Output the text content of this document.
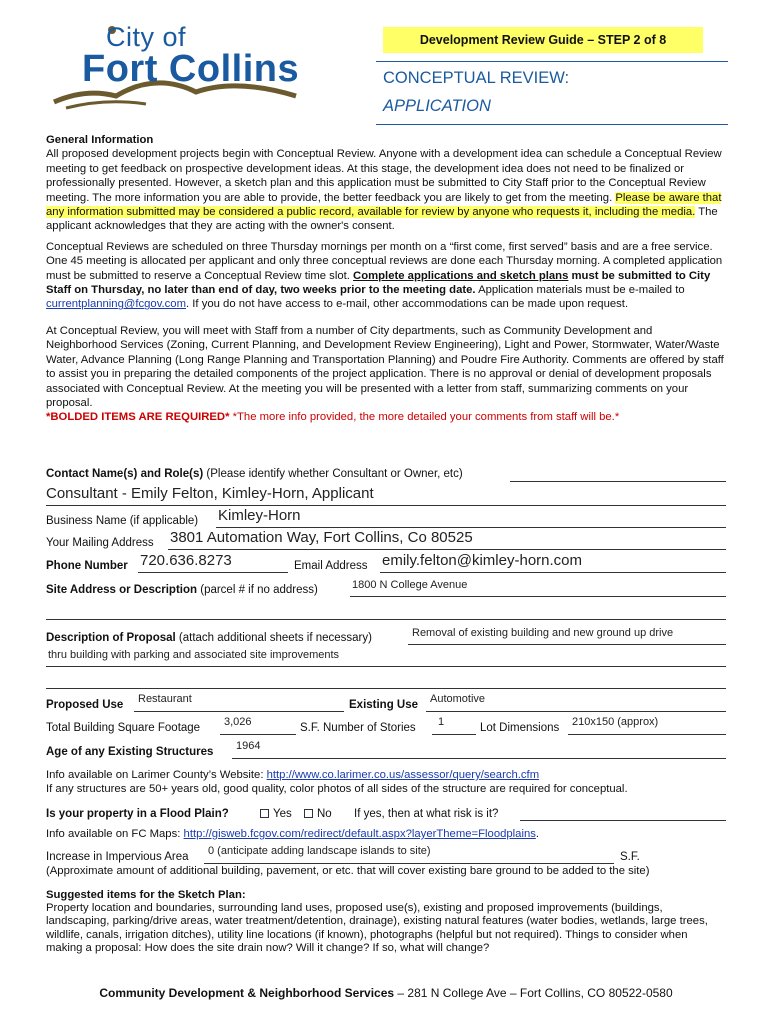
City of
Fort Collins
Development Review Guide – STEP 2 of 8
CONCEPTUAL REVIEW:
APPLICATION

General Information

All proposed development projects begin with Conceptual Review. Anyone with a development idea can schedule a Conceptual Review meeting to get feedback on prospective development ideas. At this stage, the development idea does not need to be finalized or professionally presented. However, a sketch plan and this application must be submitted to City Staff prior to the Conceptual Review meeting. The more information you are able to provide, the better feedback you are likely to get from the meeting. Please be aware that any information submitted may be considered a public record, available for review by anyone who requests it, including the media. The applicant acknowledges that they are acting with the owner's consent.

Conceptual Reviews are scheduled on three Thursday mornings per month on a “first come, first served” basis and are a free service. One 45 meeting is allocated per applicant and only three conceptual reviews are done each Thursday morning. A completed application must be submitted to reserve a Conceptual Review time slot. Complete applications and sketch plans must be submitted to City Staff on Thursday, no later than end of day, two weeks prior to the meeting date. Application materials must be e-mailed to currentplanning@fcgov.com. If you do not have access to e-mail, other accommodations can be made upon request.

At Conceptual Review, you will meet with Staff from a number of City departments, such as Community Development and Neighborhood Services (Zoning, Current Planning, and Development Review Engineering), Light and Power, Stormwater, Water/Waste Water, Advance Planning (Long Range Planning and Transportation Planning) and Poudre Fire Authority. Comments are offered by staff to assist you in preparing the detailed components of the project application. There is no approval or denial of development proposals associated with Conceptual Review. At the meeting you will be presented with a letter from staff, summarizing comments on your proposal.

*BOLDED ITEMS ARE REQUIRED* *The more info provided, the more detailed your comments from staff will be.*

Contact Name(s) and Role(s) (Please identify whether Consultant or Owner, etc)
Consultant - Emily Felton, Kimley-Horn, Applicant
Business Name (if applicable) Kimley-Horn
Your Mailing Address 3801 Automation Way, Fort Collins, Co 80525
Phone Number 720.636.8273	Email Address emily.felton@kimley-horn.com
Site Address or Description (parcel # if no address)	1800 N College Avenue
Description of Proposal (attach additional sheets if necessary)	Removal of existing building and new ground up drive
thru building with parking and associated site improvements
Proposed Use Restaurant	Existing Use Automotive
Total Building Square Footage 3,026	S.F. Number of Stories 1	Lot Dimensions 210x150 (approx)
Age of any Existing Structures 1964
Info available on Larimer County’s Website: http://www.co.larimer.co.us/assessor/query/search.cfm
If any structures are 50+ years old, good quality, color photos of all sides of the structure are required for conceptual.
Is your property in a Flood Plain?	Yes	No If yes, then at what risk is it?
Info available on FC Maps: http://gisweb.fcgov.com/redirect/default.aspx?layerTheme=Floodplains.
Increase in Impervious Area 0 (anticipate adding landscape islands to site)	S.F.
(Approximate amount of additional building, pavement, or etc. that will cover existing bare ground to be added to the site)

Suggested items for the Sketch Plan:

Property location and boundaries, surrounding land uses, proposed use(s), existing and proposed improvements (buildings, landscaping, parking/drive areas, water treatment/detention, drainage), existing natural features (water bodies, wetlands, large trees, wildlife, canals, irrigation ditches), utility line locations (if known), photographs (helpful but not required). Things to consider when making a proposal: How does the site drain now? Will it change? If so, what will change?

Community Development & Neighborhood Services – 281 N College Ave – Fort Collins, CO 80522-0580
